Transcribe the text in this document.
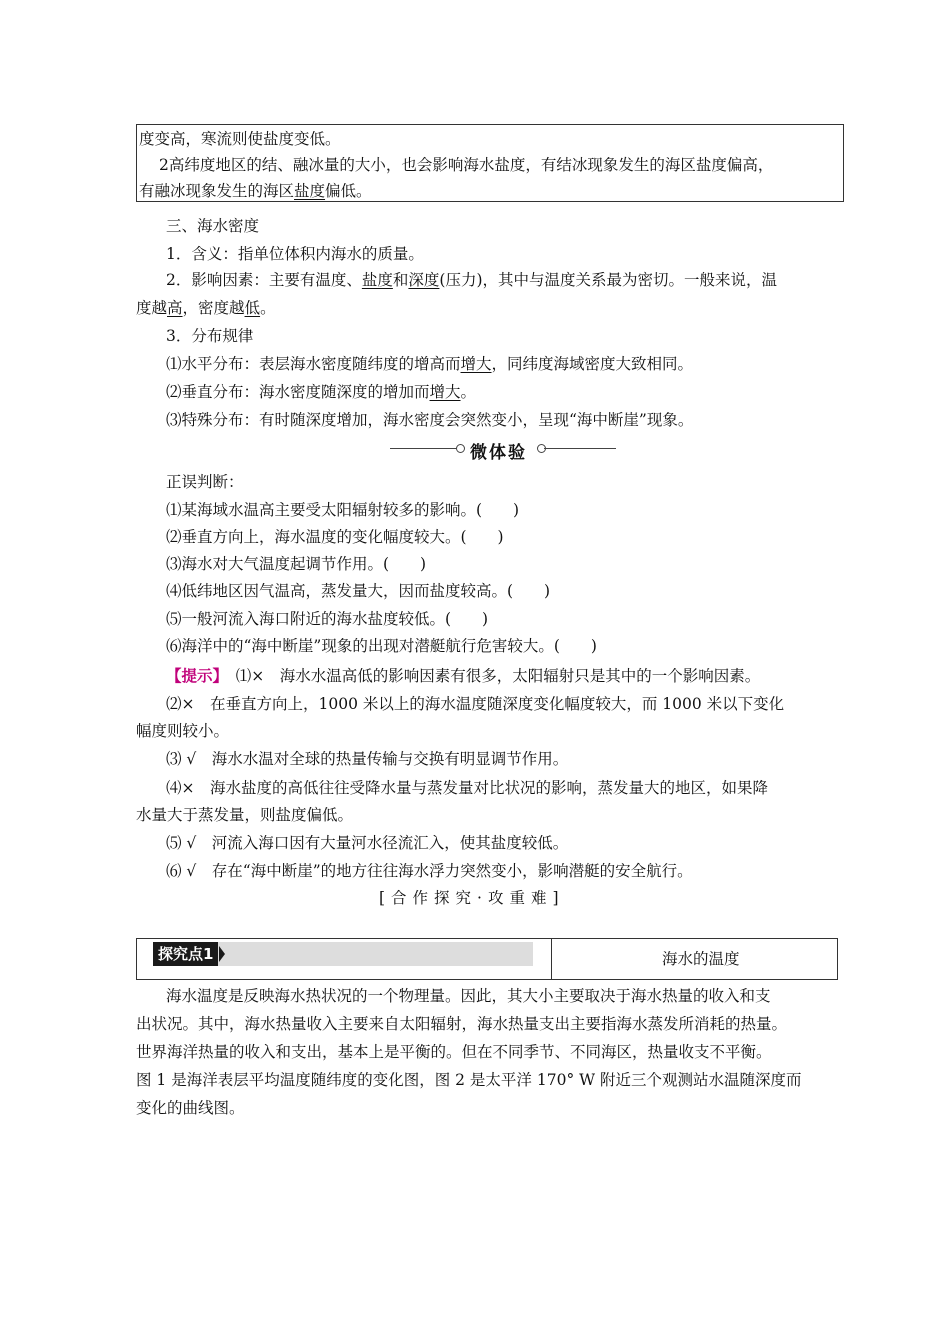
度变高，寒流则使盐度变低。
2高纬度地区的结、融冰量的大小，也会影响海水盐度，有结冰现象发生的海区盐度偏高，
有融冰现象发生的海区盐度偏低。
三、海水密度
1．含义：指单位体积内海水的质量。
2．影响因素：主要有温度、盐度和深度(压力)，其中与温度关系最为密切。一般来说，温
度越高，密度越低。
3．分布规律
⑴水平分布：表层海水密度随纬度的增高而增大，同纬度海域密度大致相同。
⑵垂直分布：海水密度随深度的增加而增大。
⑶特殊分布：有时随深度增加，海水密度会突然变小，呈现“海中断崖”现象。
微体验
正误判断：
⑴某海域水温高主要受太阳辐射较多的影响。(　　)
⑵垂直方向上，海水温度的变化幅度较大。(　　)
⑶海水对大气温度起调节作用。(　　)
⑷低纬地区因气温高，蒸发量大，因而盐度较高。(　　)
⑸一般河流入海口附近的海水盐度较低。(　　)
⑹海洋中的“海中断崖”现象的出现对潜艇航行危害较大。(　　)
【提示】　 ⑴×　海水水温高低的影响因素有很多，太阳辐射只是其中的一个影响因素。
⑵×　在垂直方向上，1000 米以上的海水温度随深度变化幅度较大，而 1000 米以下变化
幅度则较小。
⑶ √　海水水温对全球的热量传输与交换有明显调节作用。
⑷×　海水盐度的高低往往受降水量与蒸发量对比状况的影响，蒸发量大的地区，如果降
水量大于蒸发量，则盐度偏低。
⑸ √　河流入海口因有大量河水径流汇入，使其盐度较低。
⑹ √　存在“海中断崖”的地方往往海水浮力突然变小，影响潜艇的安全航行。
[合作探究·攻重难]
探究点1	海水的温度
海水温度是反映海水热状况的一个物理量。因此，其大小主要取决于海水热量的收入和支
出状况。其中，海水热量收入主要来自太阳辐射，海水热量支出主要指海水蒸发所消耗的热量。
世界海洋热量的收入和支出，基本上是平衡的。但在不同季节、不同海区，热量收支不平衡。
图 1 是海洋表层平均温度随纬度的变化图，图 2 是太平洋 170° W 附近三个观测站水温随深度而
变化的曲线图。
